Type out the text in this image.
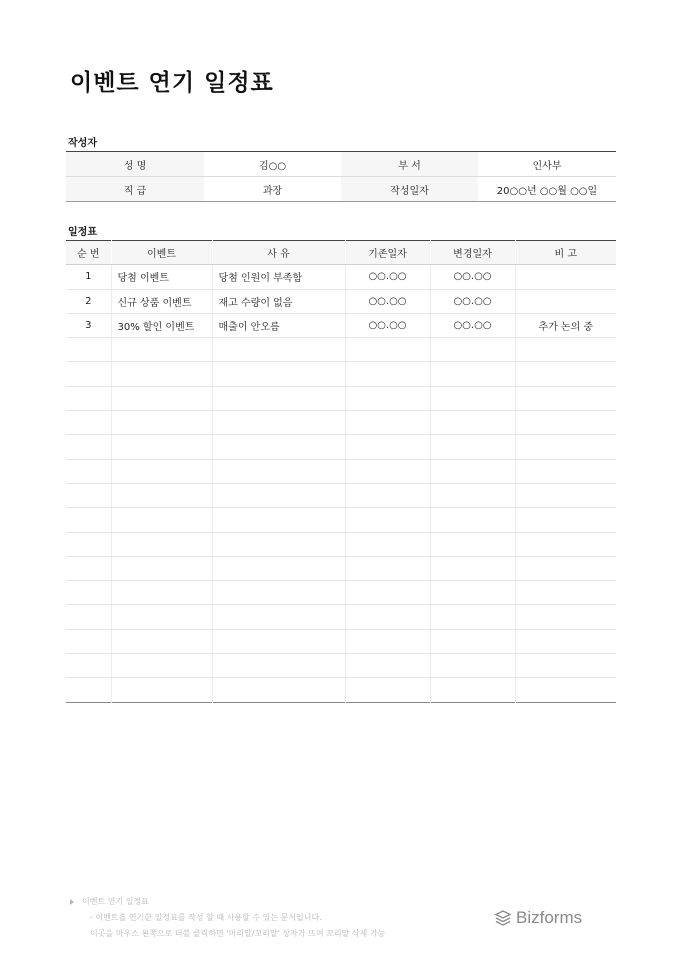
이벤트 연기 일정표
작성자
성 명	김○○	부 서	인사부
직 급	과장	작성일자	20○○년 ○○월 ○○일
일정표
순 번	이벤트	사 유	기존일자	변경일자	비 고
1	당첨 이벤트	당첨 인원이 부족함	○○.○○	○○.○○	
2	신규 상품 이벤트	재고 수량이 없음	○○.○○	○○.○○	
3	30% 할인 이벤트	매출이 안오름	○○.○○	○○.○○	추가 논의 중

이벤트 연기 일정표
- 이벤트를 연기한 일정표를 작성 할 때 사용할 수 있는 문서입니다.
이곳을 마우스 왼쪽으로 더블 클릭하면 '머리말/꼬리말' 상자가 뜨며 꼬리말 삭제 가능
Bizforms
